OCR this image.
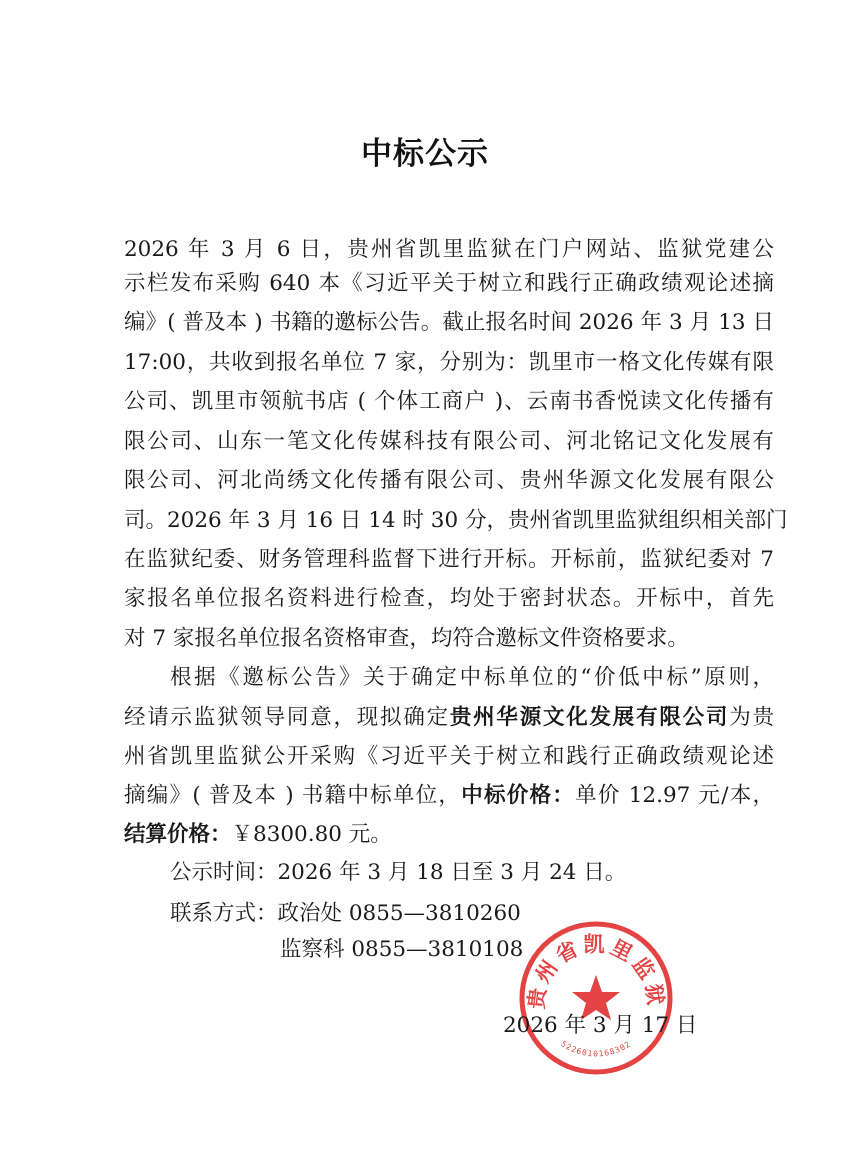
中标公示
2026 年 3 月 6 日，贵州省凯里监狱在门户网站、监狱党建公
示栏发布采购 640 本《习近平关于树立和践行正确政绩观论述摘
编》( 普及本 ) 书籍的邀标公告。截止报名时间 2026 年 3 月 13 日
17:00，共收到报名单位 7 家，分别为：凯里市一格文化传媒有限
公司、凯里市领航书店 ( 个体工商户 )、云南书香悦读文化传播有
限公司、山东一笔文化传媒科技有限公司、河北铭记文化发展有
限公司、河北尚绣文化传播有限公司、贵州华源文化发展有限公
司。2026 年 3 月 16 日 14 时 30 分，贵州省凯里监狱组织相关部门
在监狱纪委、财务管理科监督下进行开标。开标前，监狱纪委对 7
家报名单位报名资料进行检查，均处于密封状态。开标中，首先
对 7 家报名单位报名资格审查，均符合邀标文件资格要求。
根据《邀标公告》关于确定中标单位的“价低中标”原则，
经请示监狱领导同意，现拟确定贵州华源文化发展有限公司为贵
州省凯里监狱公开采购《习近平关于树立和践行正确政绩观论述
摘编》( 普及本 ) 书籍中标单位，中标价格：单价 12.97 元/本，
结算价格：￥8300.80 元。
公示时间：2026 年 3 月 18 日至 3 月 24 日。
联系方式：政治处 0855—3810260
监察科 0855—3810108
贵州省凯里监狱
5226010168302
2026 年 3 月 17 日
